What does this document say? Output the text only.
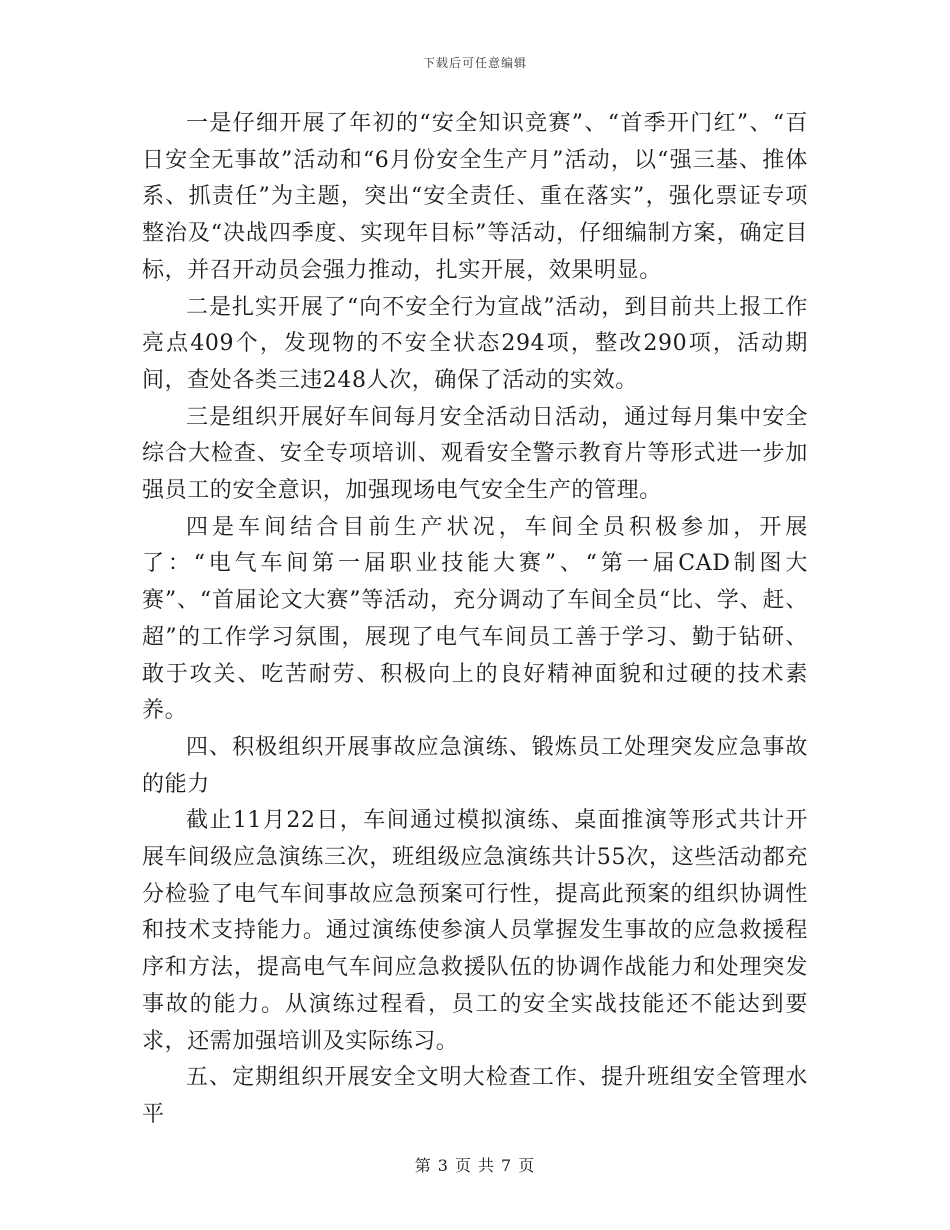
下载后可任意编辑

一是仔细开展了年初的“安全知识竞赛”、“首季开门红”、“百日安全无事故”活动和“6月份安全生产月”活动，以“强三基、推体系、抓责任”为主题，突出“安全责任、重在落实”，强化票证专项整治及“决战四季度、实现年目标”等活动，仔细编制方案，确定目标，并召开动员会强力推动，扎实开展，效果明显。

二是扎实开展了“向不安全行为宣战”活动，到目前共上报工作亮点409个，发现物的不安全状态294项，整改290项，活动期间，查处各类三违248人次，确保了活动的实效。

三是组织开展好车间每月安全活动日活动，通过每月集中安全综合大检查、安全专项培训、观看安全警示教育片等形式进一步加强员工的安全意识，加强现场电气安全生产的管理。

四是车间结合目前生产状况，车间全员积极参加，开展了：“电气车间第一届职业技能大赛”、“第一届CAD制图大赛”、“首届论文大赛”等活动，充分调动了车间全员“比、学、赶、超”的工作学习氛围，展现了电气车间员工善于学习、勤于钻研、敢于攻关、吃苦耐劳、积极向上的良好精神面貌和过硬的技术素养。

四、积极组织开展事故应急演练、锻炼员工处理突发应急事故的能力

截止11月22日，车间通过模拟演练、桌面推演等形式共计开展车间级应急演练三次，班组级应急演练共计55次，这些活动都充分检验了电气车间事故应急预案可行性，提高此预案的组织协调性和技术支持能力。通过演练使参演人员掌握发生事故的应急救援程序和方法，提高电气车间应急救援队伍的协调作战能力和处理突发事故的能力。从演练过程看，员工的安全实战技能还不能达到要求，还需加强培训及实际练习。

五、定期组织开展安全文明大检查工作、提升班组安全管理水平

第 3 页 共 7 页
